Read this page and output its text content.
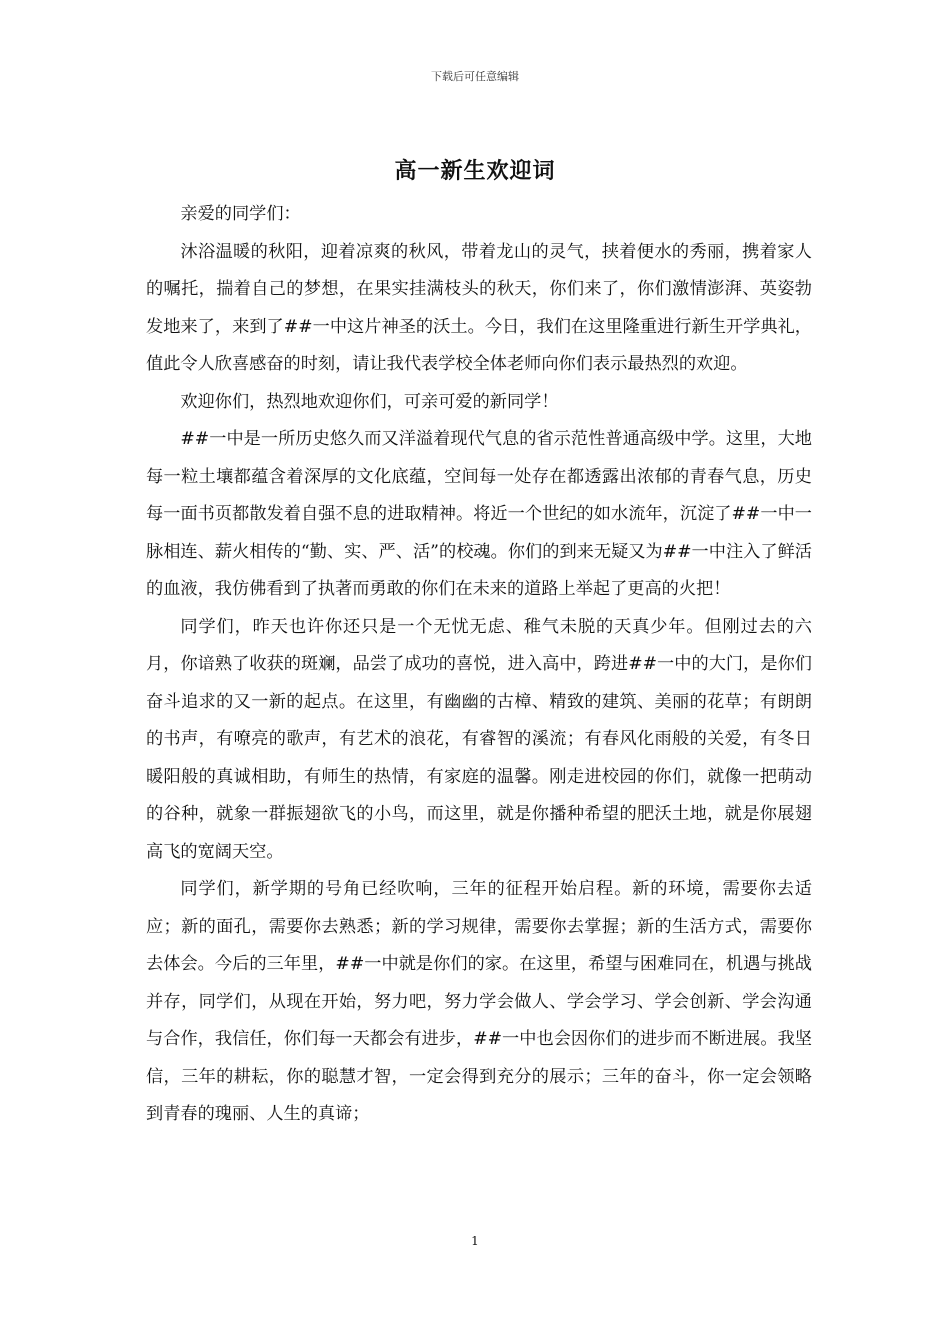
下载后可任意编辑
高一新生欢迎词

亲爱的同学们：

沐浴温暖的秋阳，迎着凉爽的秋风，带着龙山的灵气，挟着便水的秀丽，携着家人的嘱托，揣着自己的梦想，在果实挂满枝头的秋天，你们来了，你们激情澎湃、英姿勃发地来了，来到了##一中这片神圣的沃土。今日，我们在这里隆重进行新生开学典礼，值此令人欣喜感奋的时刻，请让我代表学校全体老师向你们表示最热烈的欢迎。

欢迎你们，热烈地欢迎你们，可亲可爱的新同学！

##一中是一所历史悠久而又洋溢着现代气息的省示范性普通高级中学。这里，大地每一粒土壤都蕴含着深厚的文化底蕴，空间每一处存在都透露出浓郁的青春气息，历史每一面书页都散发着自强不息的进取精神。将近一个世纪的如水流年，沉淀了##一中一脉相连、薪火相传的“勤、实、严、活”的校魂。你们的到来无疑又为##一中注入了鲜活的血液，我仿佛看到了执著而勇敢的你们在未来的道路上举起了更高的火把！

同学们，昨天也许你还只是一个无忧无虑、稚气未脱的天真少年。但刚过去的六月，你谙熟了收获的斑斓，品尝了成功的喜悦，进入高中，跨进##一中的大门，是你们奋斗追求的又一新的起点。在这里，有幽幽的古樟、精致的建筑、美丽的花草；有朗朗的书声，有嘹亮的歌声，有艺术的浪花，有睿智的溪流；有春风化雨般的关爱，有冬日暖阳般的真诚相助，有师生的热情，有家庭的温馨。刚走进校园的你们，就像一把萌动的谷种，就象一群振翅欲飞的小鸟，而这里，就是你播种希望的肥沃土地，就是你展翅高飞的宽阔天空。

同学们，新学期的号角已经吹响，三年的征程开始启程。新的环境，需要你去适应；新的面孔，需要你去熟悉；新的学习规律，需要你去掌握；新的生活方式，需要你去体会。今后的三年里，##一中就是你们的家。在这里，希望与困难同在，机遇与挑战并存，同学们，从现在开始，努力吧，努力学会做人、学会学习、学会创新、学会沟通与合作，我信任，你们每一天都会有进步，##一中也会因你们的进步而不断进展。我坚信，三年的耕耘，你的聪慧才智，一定会得到充分的展示；三年的奋斗，你一定会领略到青春的瑰丽、人生的真谛；

1
